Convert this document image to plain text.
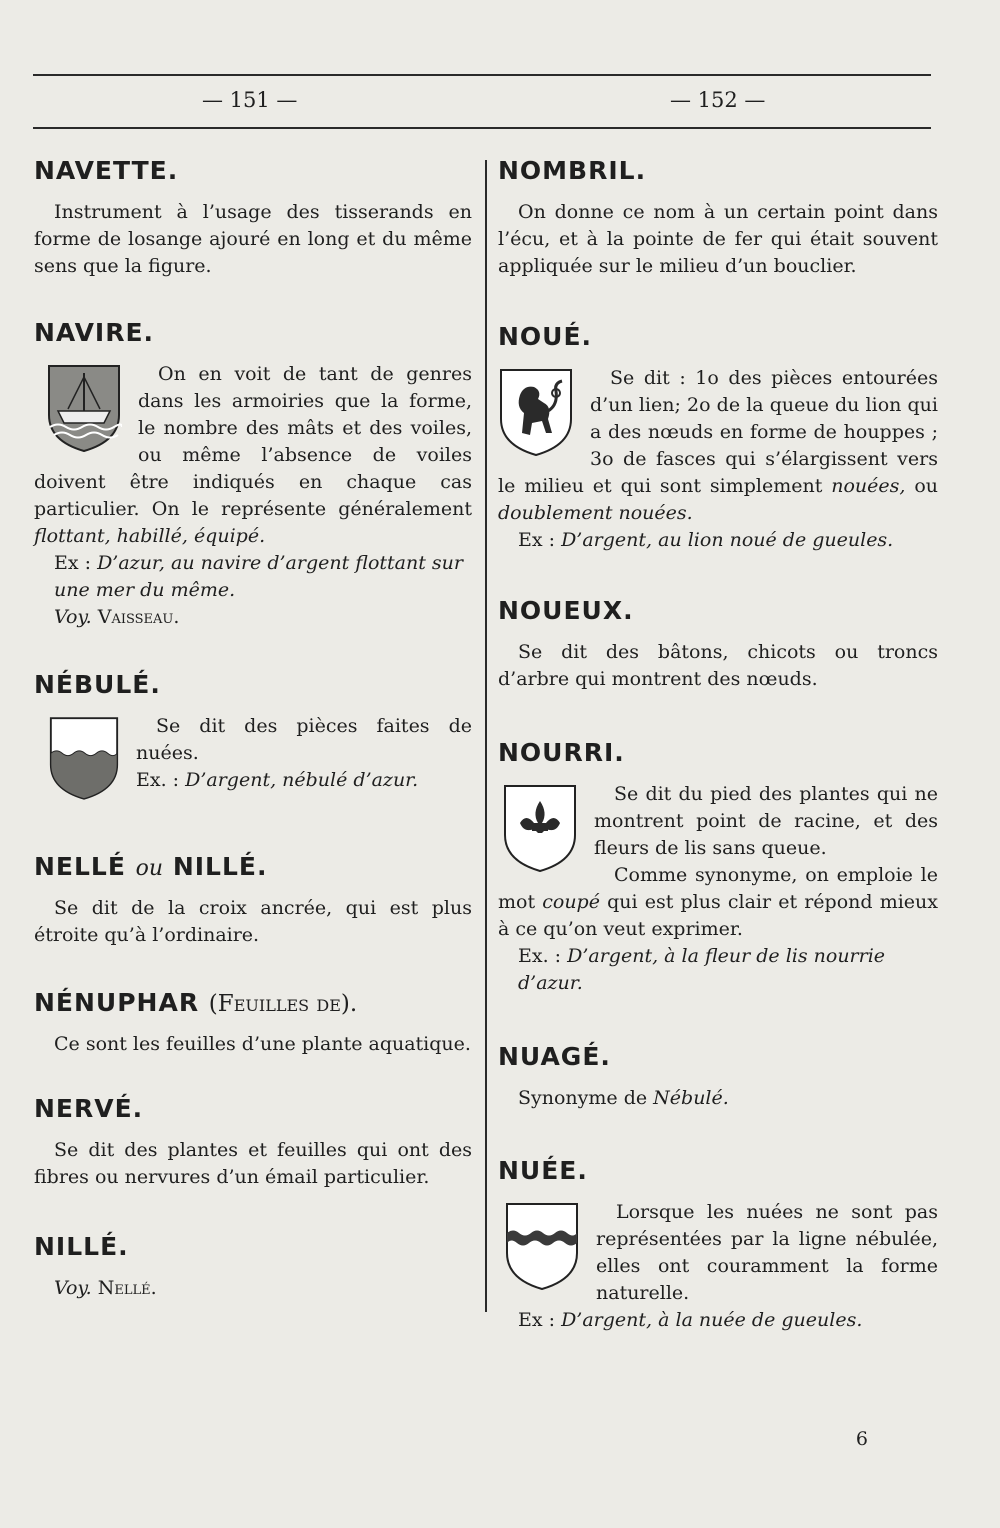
— 151 —	— 152 —
NAVETTE.

Instrument à l’usage des tisserands en forme de losange ajouré en long et du même sens que la figure.

NAVIRE.

On en voit de tant de genres dans les armoiries que la forme, le nombre des mâts et des voiles, ou même l’absence de voiles doivent être indiqués en chaque cas particulier. On le représente généralement flottant, habillé, équipé.

Ex : D’azur, au navire d’argent flottant sur une mer du même.

Voy. Vaisseau.

NÉBULÉ.

Se dit des pièces faites de nuées.

Ex. : D’argent, nébulé d’azur.

NELLÉ ou NILLÉ.

Se dit de la croix ancrée, qui est plus étroite qu’à l’ordinaire.

NÉNUPHAR (Feuilles de).

Ce sont les feuilles d’une plante aquatique.

NERVÉ.

Se dit des plantes et feuilles qui ont des fibres ou nervures d’un émail particulier.

NILLÉ.

Voy. Nellé.

NOMBRIL.

On donne ce nom à un certain point dans l’écu, et à la pointe de fer qui était souvent appliquée sur le milieu d’un bouclier.

NOUÉ.

Se dit : 1o des pièces entourées d’un lien; 2o de la queue du lion qui a des nœuds en forme de houppes ; 3o de fasces qui s’élargissent vers le milieu et qui sont simplement nouées, ou doublement nouées.

Ex : D’argent, au lion noué de gueules.

NOUEUX.

Se dit des bâtons, chicots ou troncs d’arbre qui montrent des nœuds.

NOURRI.

Se dit du pied des plantes qui ne montrent point de racine, et des fleurs de lis sans queue.

Comme synonyme, on emploie le mot coupé qui est plus clair et répond mieux à ce qu’on veut exprimer.

Ex. : D’argent, à la fleur de lis nourrie d’azur.

NUAGÉ.

Synonyme de Nébulé.

NUÉE.

Lorsque les nuées ne sont pas représentées par la ligne nébulée, elles ont couramment la forme naturelle.

Ex : D’argent, à la nuée de gueules.

6
